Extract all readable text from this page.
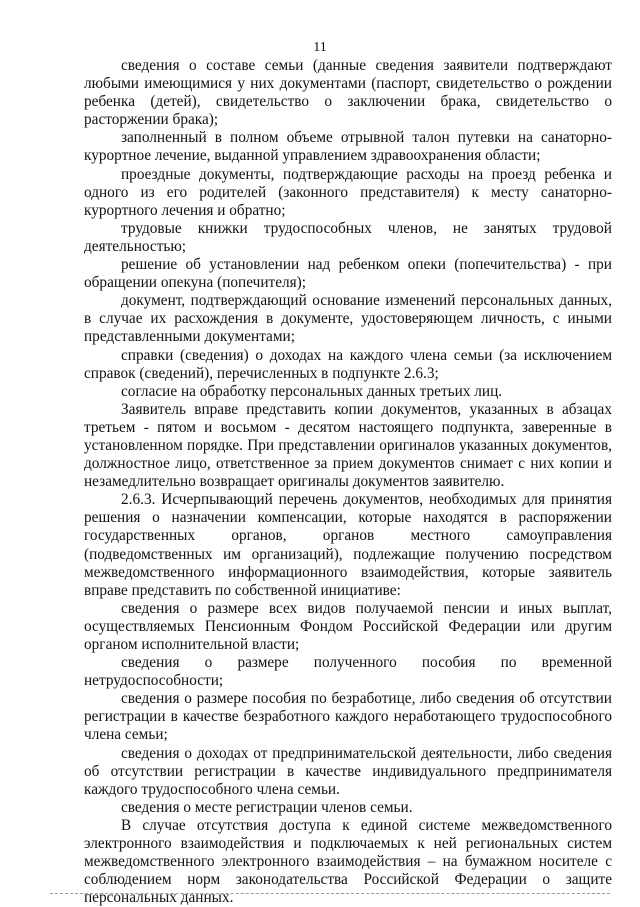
11

сведения о составе семьи (данные сведения заявители подтверждают любыми имеющимися у них документами (паспорт, свидетельство о рождении ребенка (детей), свидетельство о заключении брака, свидетельство о расторжении брака);

заполненный в полном объеме отрывной талон путевки на санаторно-курортное лечение, выданной управлением здравоохранения области;

проездные документы, подтверждающие расходы на проезд ребенка и одного из его родителей (законного представителя) к месту санаторно-курортного лечения и обратно;

трудовые книжки трудоспособных членов, не занятых трудовой деятельностью;

решение об установлении над ребенком опеки (попечительства) - при обращении опекуна (попечителя);

документ, подтверждающий основание изменений персональных данных, в случае их расхождения в документе, удостоверяющем личность, с иными представленными документами;

справки (сведения) о доходах на каждого члена семьи (за исключением справок (сведений), перечисленных в подпункте 2.6.3;

согласие на обработку персональных данных третьих лиц.

Заявитель вправе представить копии документов, указанных в абзацах третьем - пятом и восьмом - десятом настоящего подпункта, заверенные в установленном порядке. При представлении оригиналов указанных документов, должностное лицо, ответственное за прием документов снимает с них копии и незамедлительно возвращает оригиналы документов заявителю.

2.6.3. Исчерпывающий перечень документов, необходимых для принятия решения о назначении компенсации, которые находятся в распоряжении государственных органов, органов местного самоуправления (подведомственных им организаций), подлежащие получению посредством межведомственного информационного взаимодействия, которые заявитель вправе представить по собственной инициативе:

сведения о размере всех видов получаемой пенсии и иных выплат, осуществляемых Пенсионным Фондом Российской Федерации или другим органом исполнительной власти;

сведения о размере полученного пособия по временной нетрудоспособности;

сведения о размере пособия по безработице, либо сведения об отсутствии регистрации в качестве безработного каждого неработающего трудоспособного члена семьи;

сведения о доходах от предпринимательской деятельности, либо сведения об отсутствии регистрации в качестве индивидуального предпринимателя каждого трудоспособного члена семьи.

сведения о месте регистрации членов семьи.

В случае отсутствия доступа к единой системе межведомственного электронного взаимодействия и подключаемых к ней региональных систем межведомственного электронного взаимодействия – на бумажном носителе с соблюдением норм законодательства Российской Федерации о защите персональных данных.
